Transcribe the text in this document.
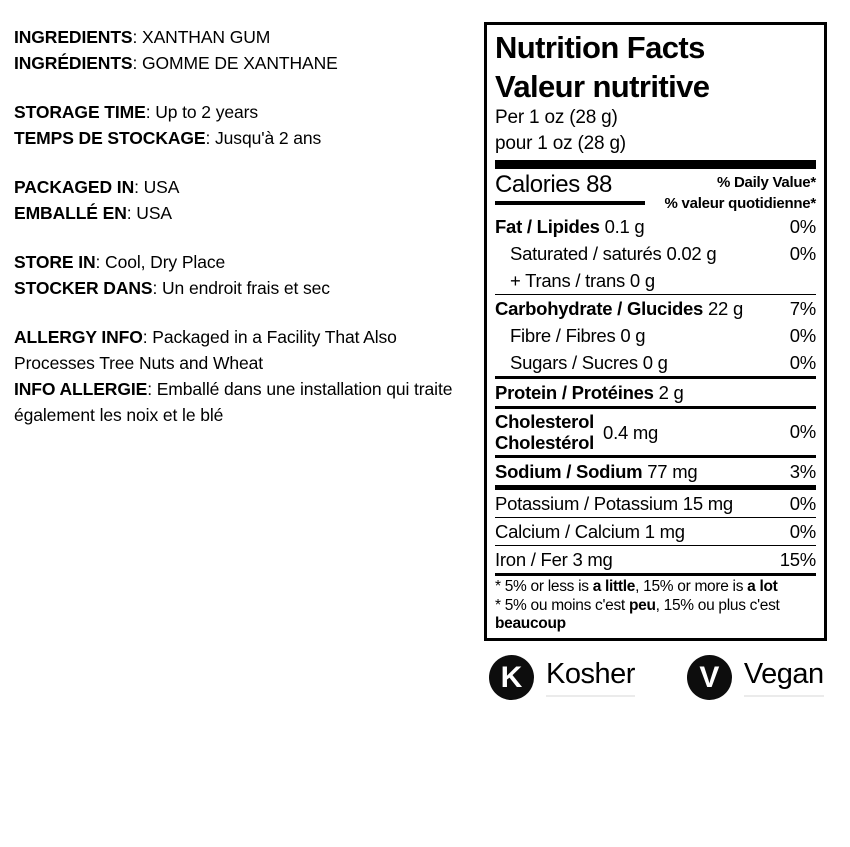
INGREDIENTS: XANTHAN GUM
INGRÉDIENTS: GOMME DE XANTHANE
STORAGE TIME: Up to 2 years
TEMPS DE STOCKAGE: Jusqu'à 2 ans
PACKAGED IN: USA
EMBALLÉ EN: USA
STORE IN: Cool, Dry Place
STOCKER DANS: Un endroit frais et sec
ALLERGY INFO: Packaged in a Facility That Also Processes Tree Nuts and Wheat
INFO ALLERGIE: Emballé dans une installation qui traite également les noix et le blé
Nutrition Facts
Valeur nutritive
Per 1 oz (28 g)
pour 1 oz (28 g)
Calories 88	% Daily Value*
% valeur quotidienne*
Fat / Lipides 0.1 g	0%
Saturated / saturés 0.02 g	0%
+ Trans / trans 0 g
Carbohydrate / Glucides 22 g	7%
Fibre / Fibres 0 g	0%
Sugars / Sucres 0 g	0%
Protein / Protéines 2 g
Cholesterol
Cholestérol 0.4 mg	0%
Sodium / Sodium 77 mg	3%
Potassium / Potassium 15 mg	0%
Calcium / Calcium 1 mg	0%
Iron / Fer 3 mg	15%
* 5% or less is a little, 15% or more is a lot
* 5% ou moins c'est peu, 15% ou plus c'est beaucoup
K Kosher	V Vegan
